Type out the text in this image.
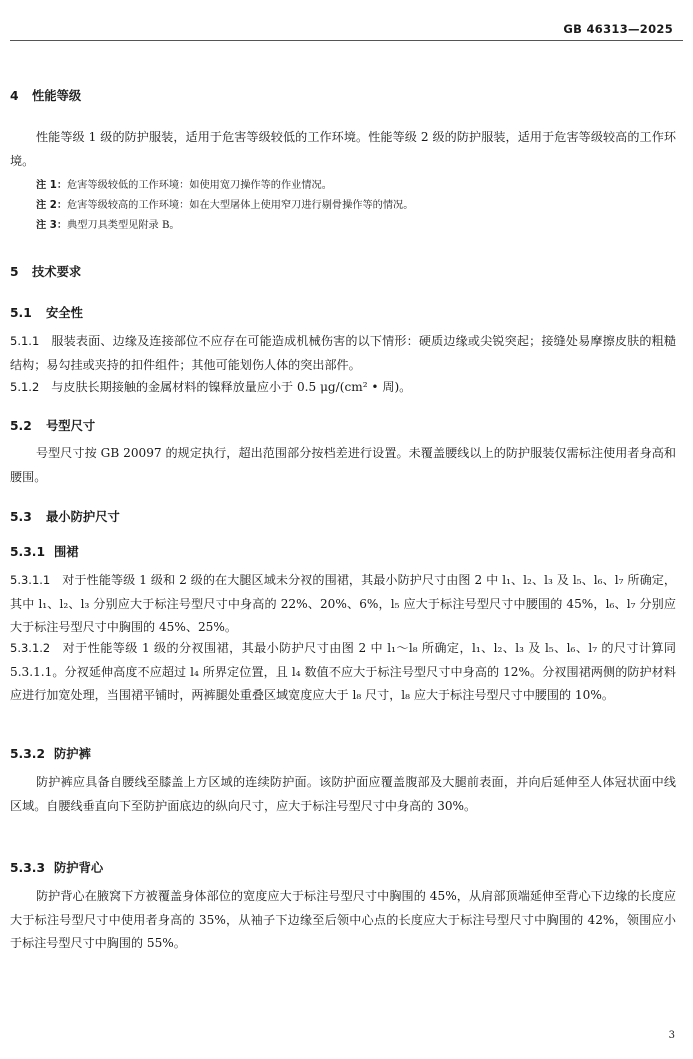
GB 46313—2025
4 性能等级
性能等级 1 级的防护服装，适用于危害等级较低的工作环境。性能等级 2 级的防护服装，适用于危害等级较高的工作环境。
注 1：危害等级较低的工作环境：如使用宽刀操作等的作业情况。
注 2：危害等级较高的工作环境：如在大型屠体上使用窄刀进行剔骨操作等的情况。
注 3：典型刀具类型见附录 B。
5 技术要求
5.1 安全性
5.1.1 服装表面、边缘及连接部位不应存在可能造成机械伤害的以下情形：硬质边缘或尖锐突起；接缝处易摩擦皮肤的粗糙结构；易勾挂或夹持的扣件组件；其他可能划伤人体的突出部件。
5.1.2 与皮肤长期接触的金属材料的镍释放量应小于 0.5 μg/(cm² • 周)。
5.2 号型尺寸
号型尺寸按 GB 20097 的规定执行，超出范围部分按档差进行设置。未覆盖腰线以上的防护服装仅需标注使用者身高和腰围。
5.3 最小防护尺寸
5.3.1 围裙
5.3.1.1 对于性能等级 1 级和 2 级的在大腿区域未分衩的围裙，其最小防护尺寸由图 2 中 l₁、l₂、l₃ 及 l₅、l₆、l₇ 所确定，其中 l₁、l₂、l₃ 分别应大于标注号型尺寸中身高的 22%、20%、6%，l₅ 应大于标注号型尺寸中腰围的 45%，l₆、l₇ 分别应大于标注号型尺寸中胸围的 45%、25%。
5.3.1.2 对于性能等级 1 级的分衩围裙，其最小防护尺寸由图 2 中 l₁～l₈ 所确定，l₁、l₂、l₃ 及 l₅、l₆、l₇ 的尺寸计算同 5.3.1.1。分衩延伸高度不应超过 l₄ 所界定位置，且 l₄ 数值不应大于标注号型尺寸中身高的 12%。分衩围裙两侧的防护材料应进行加宽处理，当围裙平铺时，两裤腿处重叠区域宽度应大于 l₈ 尺寸，l₈ 应大于标注号型尺寸中腰围的 10%。
5.3.2 防护裤
防护裤应具备自腰线至膝盖上方区域的连续防护面。该防护面应覆盖腹部及大腿前表面，并向后延伸至人体冠状面中线区域。自腰线垂直向下至防护面底边的纵向尺寸，应大于标注号型尺寸中身高的 30%。
5.3.3 防护背心
防护背心在腋窝下方被覆盖身体部位的宽度应大于标注号型尺寸中胸围的 45%，从肩部顶端延伸至背心下边缘的长度应大于标注号型尺寸中使用者身高的 35%，从袖子下边缘至后领中心点的长度应大于标注号型尺寸中胸围的 42%，领围应小于标注号型尺寸中胸围的 55%。
3
